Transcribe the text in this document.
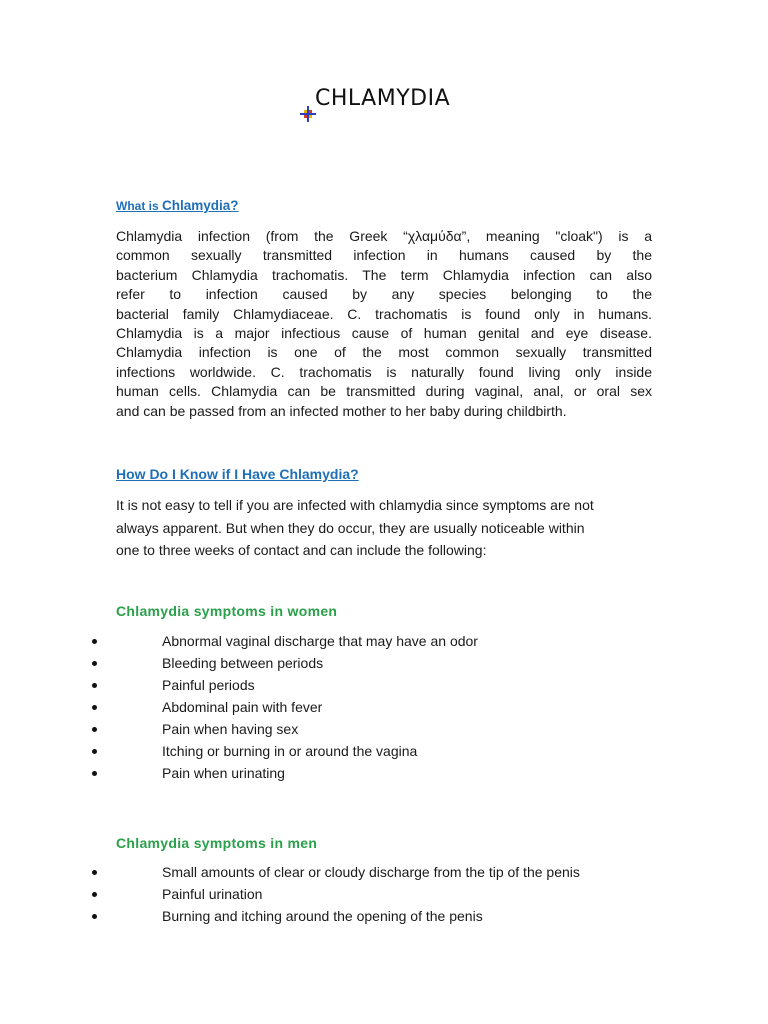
CHLAMYDIA
What is Chlamydia?
Chlamydia infection (from the Greek “χλαμύδα”, meaning "cloak") is a
common sexually transmitted infection in humans caused by the
bacterium Chlamydia trachomatis. The term Chlamydia infection can also
refer to infection caused by any species belonging to the
bacterial family Chlamydiaceae. C. trachomatis is found only in humans.
Chlamydia is a major infectious cause of human genital and eye disease.
Chlamydia infection is one of the most common sexually transmitted
infections worldwide. C. trachomatis is naturally found living only inside
human cells. Chlamydia can be transmitted during vaginal, anal, or oral sex
and can be passed from an infected mother to her baby during childbirth.
How Do I Know if I Have Chlamydia?
It is not easy to tell if you are infected with chlamydia since symptoms are not
always apparent. But when they do occur, they are usually noticeable within
one to three weeks of contact and can include the following:
Chlamydia symptoms in women
Abnormal vaginal discharge that may have an odor
Bleeding between periods
Painful periods
Abdominal pain with fever
Pain when having sex
Itching or burning in or around the vagina
Pain when urinating
Chlamydia symptoms in men
Small amounts of clear or cloudy discharge from the tip of the penis
Painful urination
Burning and itching around the opening of the penis
